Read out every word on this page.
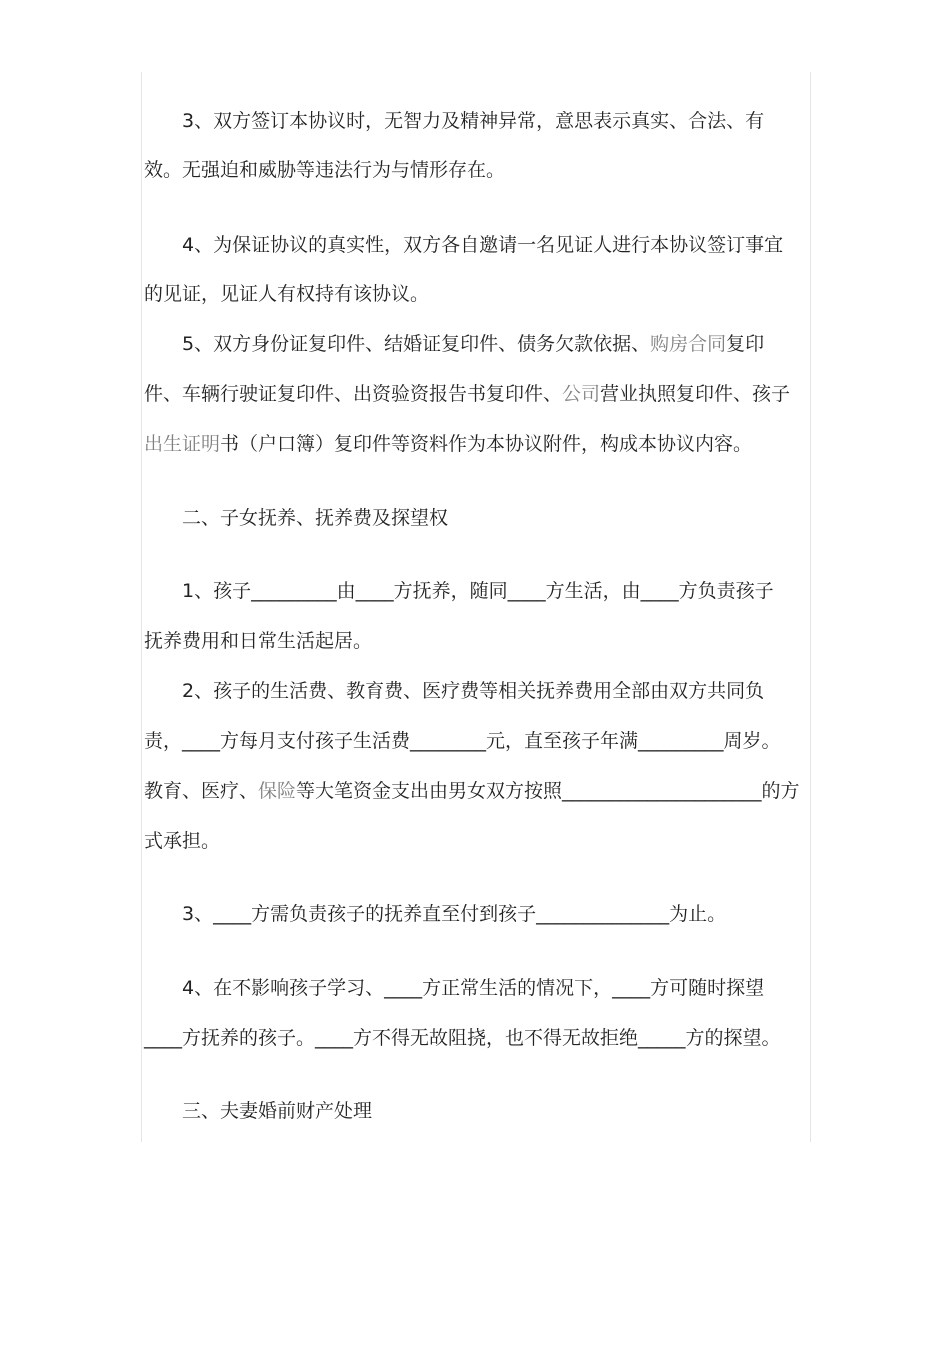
3、双方签订本协议时，无智力及精神异常，意思表示真实、合法、有
效。无强迫和威胁等违法行为与情形存在。
4、为保证协议的真实性，双方各自邀请一名见证人进行本协议签订事宜
的见证，见证人有权持有该协议。
5、双方身份证复印件、结婚证复印件、债务欠款依据、购房合同复印
件、车辆行驶证复印件、出资验资报告书复印件、公司营业执照复印件、孩子
出生证明书（户口簿）复印件等资料作为本协议附件，构成本协议内容。
二、子女抚养、抚养费及探望权
1、孩子_________由____方抚养，随同____方生活，由____方负责孩子
抚养费用和日常生活起居。
2、孩子的生活费、教育费、医疗费等相关抚养费用全部由双方共同负
责，____方每月支付孩子生活费________元，直至孩子年满_________周岁。
教育、医疗、保险等大笔资金支出由男女双方按照_____________________的方
式承担。
3、____方需负责孩子的抚养直至付到孩子______________为止。
4、在不影响孩子学习、____方正常生活的情况下，____方可随时探望
____方抚养的孩子。____方不得无故阻挠，也不得无故拒绝_____方的探望。
三、夫妻婚前财产处理
